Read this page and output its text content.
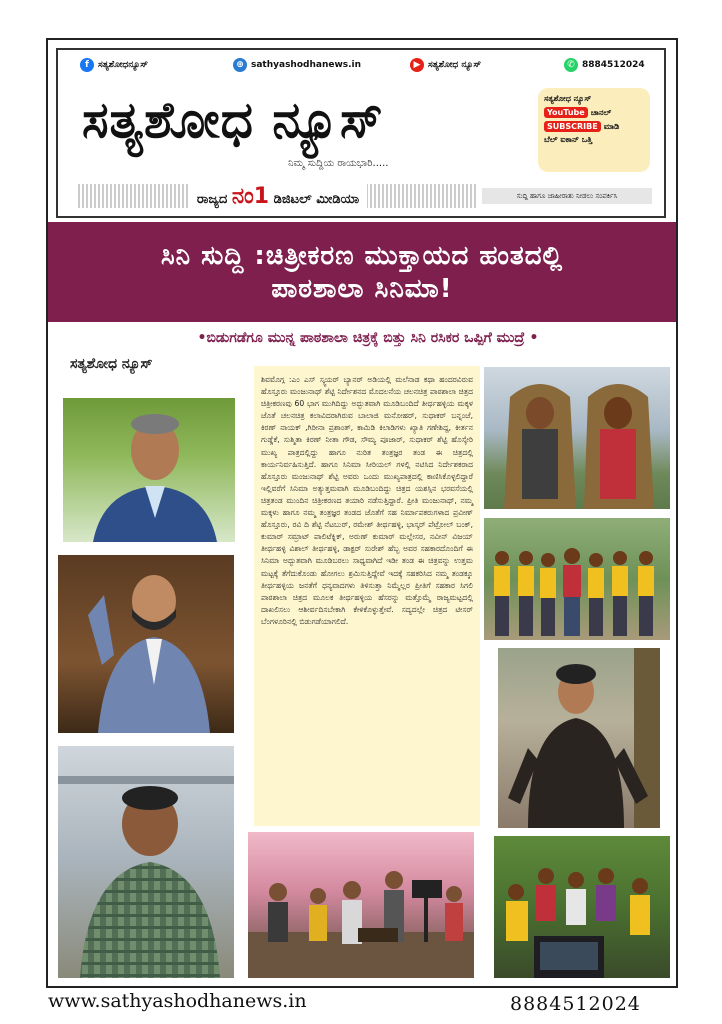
f	ಸತ್ಯಶೋಧನ್ಯೂಸ್	⊕ sathyashodhanews.in	▶ ಸತ್ಯಶೋಧ ನ್ಯೂಸ್	✆ 8884512024
ಸತ್ಯಶೋಧ ನ್ಯೂಸ್
ನಿಮ್ಮ ಸುದ್ದಿಯ ರಾಯಭಾರಿ.....
ರಾಜ್ಯದ ನಂ1 ಡಿಜಿಟಲ್ ಮೀಡಿಯಾ	ಸುದ್ದಿ ಹಾಗೂ ಜಾಹೀರಾತು ನೀಡಲು ಸಂಪರ್ಕಿಸಿ
ಸತ್ಯಶೋಧ ನ್ಯೂಸ್
YouTube ಚಾನಲ್
SUBSCRIBE ಮಾಡಿ
ಬೆಲ್ ಐಕಾನ್ ಒತ್ತಿ
ಸಿನಿ ಸುದ್ದಿ :ಚಿತ್ರೀಕರಣ ಮುಕ್ತಾಯದ ಹಂತದಲ್ಲಿ
ಪಾಠಶಾಲಾ ಸಿನಿಮಾ!
•ಬಿಡುಗಡೆಗೂ ಮುನ್ನ ಪಾಠಶಾಲಾ ಚಿತ್ರಕ್ಕೆ ಬಿತ್ತು ಸಿನಿ ರಸಿಕರ ಒಪ್ಪಿಗೆ ಮುದ್ರೆ •
ಸತ್ಯಶೋಧ ನ್ಯೂಸ್
ಶಿವಮೊಗ್ಗ :ಎಂ ಎಸ್ ಸ್ಕ್ವಯರ್ ಬ್ಯಾನರ್ ಅಡಿಯಲ್ಲಿ ಮಲೆನಾಡ ಕಥಾ ಹಂದರವಿರುವ ಹೊಸ್ತೂರು ಮಂಜುನಾಥ್ ಶೆಟ್ಟಿ ನಿರ್ದೇಶನದ ಮೊದಲನೆಯ ಚಲನಚಿತ್ರ ಪಾಠಶಾಲಾ ಚಿತ್ರದ ಚಿತ್ರೀಕರಣವು 60 ಭಾಗ ಮುಗಿದಿದ್ದು ಅದ್ಭುತವಾಗಿ ಮೂಡಿಬಂದಿದೆ ತೀರ್ಥಹಳ್ಳಿಯ ಮಕ್ಕಳ ಜೊತೆ ಚಲನಚಿತ್ರ ಕಲಾವಿದರಾಗಿರುವ ಬಾಲಾಜಿ ಮನೋಹರ್, ಸುಧಾಕರ್ ಬನ್ನಂಜೆ, ಕಿರಣ್ ನಾಯಕ್ ,ಗಿರೀನಾ ಪ್ರಶಾಂತ್, ಕಾಮಿಡಿ ಕಿಲಾಡಿಗಳು ಖ್ಯಾತಿ ಗಣೇಶಿದ್ದ, ಕೀರ್ತನ ಗುಡ್ಡೆಕೆ, ಸುಶ್ಮಿತಾ ಕಿರಣ್ ನೀತಾ ಗೌಡ, ಸೌಮ್ಯ ಪೂಜಾರ್, ಸುಧಾಕರ್ ಶೆಟ್ಟಿ ಹೊಸ್ಕೇರಿ ಮುಖ್ಯ ಪಾತ್ರದಲ್ಲಿದ್ದು ಹಾಗೂ ನುರಿತ ತಂತ್ರಜ್ಞರ ತಂಡ ಈ ಚಿತ್ರದಲ್ಲಿ ಕಾರ್ಯನಿರ್ವಹಿಸುತ್ತಿದೆ. ಹಾಗೂ ಸಿನಿಮಾ ಸೀರಿಯಲ್ ಗಳಲ್ಲಿ ನಟಿಸಿದ ನಿರ್ದೇಶಕರಾದ ಹೊಸ್ತೂರು ಮಂಜುನಾಥ್ ಶೆಟ್ಟಿ ಅವರು ಒಂದು ಮುಖ್ಯಪಾತ್ರದಲ್ಲಿ ಕಾಣಿಸಿಕೊಳ್ಳಲಿದ್ದಾರೆ ಇಲ್ಲಿವರೆಗೆ ಸಿನಿಮಾ ಅತ್ಯುತ್ತಮವಾಗಿ ಮೂಡಿಬಂದಿದ್ದು ಚಿತ್ರದ ಯಶಸ್ಸಿನ ಭರವಸೆಯಲ್ಲಿ ಚಿತ್ರತಂಡ ಮುಂದಿನ ಚಿತ್ರೀಕರಣದ ತಯಾರಿ ನಡೆಸುತ್ತಿದ್ದಾರೆ. ಪ್ರೀತಿ ಮಂಜುನಾಥ್, ನಮ್ಮ ಮಕ್ಕಳು ಹಾಗೂ ನಮ್ಮ ತಂತ್ರಜ್ಞರ ತಂಡದ ಜೊತೆಗೆ ಸಹ ನಿರ್ಮಾಪಕರುಗಳಾದ ಪ್ರವೀಣ್ ಹೊಸ್ತೂರು, ರವಿ ದಿ ಶೆಟ್ಟಿ ನೆಟಬುರ್, ರಮೇಶ್ ತೀರ್ಥಹಳ್ಳಿ, ಭಾಸ್ಕರ್ ಪೆಟ್ರೋಲ್ ಬಂಕ್, ಕುಮಾರ್ ಸಮ್ರಾಟ್ ಪಾಲಿಟೆಕ್ನಿಕ್, ಅರುಣ್ ಕುಮಾರ್ ಮಲ್ಲೇಸರ, ನವೀನ್ ವಿಜಯ್ ತೀರ್ಥಹಳ್ಳಿ ವಿಶಾಲ್ ತೀರ್ಥಹಳ್ಳಿ, ಡಾಕ್ಟರ್ ಸುರೇಶ್ ಹೆಬ್ಬ ಅವರ ಸಹಕಾರದೊಂದಿಗೆ ಈ ಸಿನಿಮಾ ಅದ್ಭುತವಾಗಿ ಮೂಡಿಬರಲು ಸಾಧ್ಯವಾಗಿದೆ ಇಡೀ ತಂಡ ಈ ಚಿತ್ರವನ್ನು ಉತ್ತಮ ಮಟ್ಟಕ್ಕೆ ತೆಗೆದುಕೊಂಡು ಹೋಗಲು ಶ್ರಮಿಸುತ್ತಿದ್ದೇವೆ ಇದಕ್ಕೆ ಸಹಕರಿಸಿದ ನಮ್ಮ ತಂಡಕ್ಕೂ ತೀರ್ಥಹಳ್ಳಿಯ ಜನತೆಗೆ ಧನ್ಯವಾದಗಳು ತಿಳಿಸುತ್ತಾ ನಿಮ್ಮೆಲ್ಲರ ಪ್ರೀತಿಗೆ ಸಹಕಾರ ಸಿಗಲಿ ಪಾಠಶಾಲಾ ಚಿತ್ರದ ಮೂಲಕ ತೀರ್ಥಹಳ್ಳಿಯ ಹೆಸರನ್ನು ಮತ್ತೊಮ್ಮೆ ರಾಜ್ಯಮಟ್ಟದಲ್ಲಿ ದಾಖಲಿಸಲು ಆಶೀರ್ವದಿಸಬೇಕಾಗಿ ಕೇಳಿಕೊಳ್ಳುತ್ತೇವೆ. ಸದ್ಯದಲ್ಲೇ ಚಿತ್ರದ ಟೀಸರ್ ಬೆಂಗಳೂರಿನಲ್ಲಿ ಬಿಡುಗಡೆಯಾಗಲಿದೆ.
www.sathyashodhanews.in	8884512024
